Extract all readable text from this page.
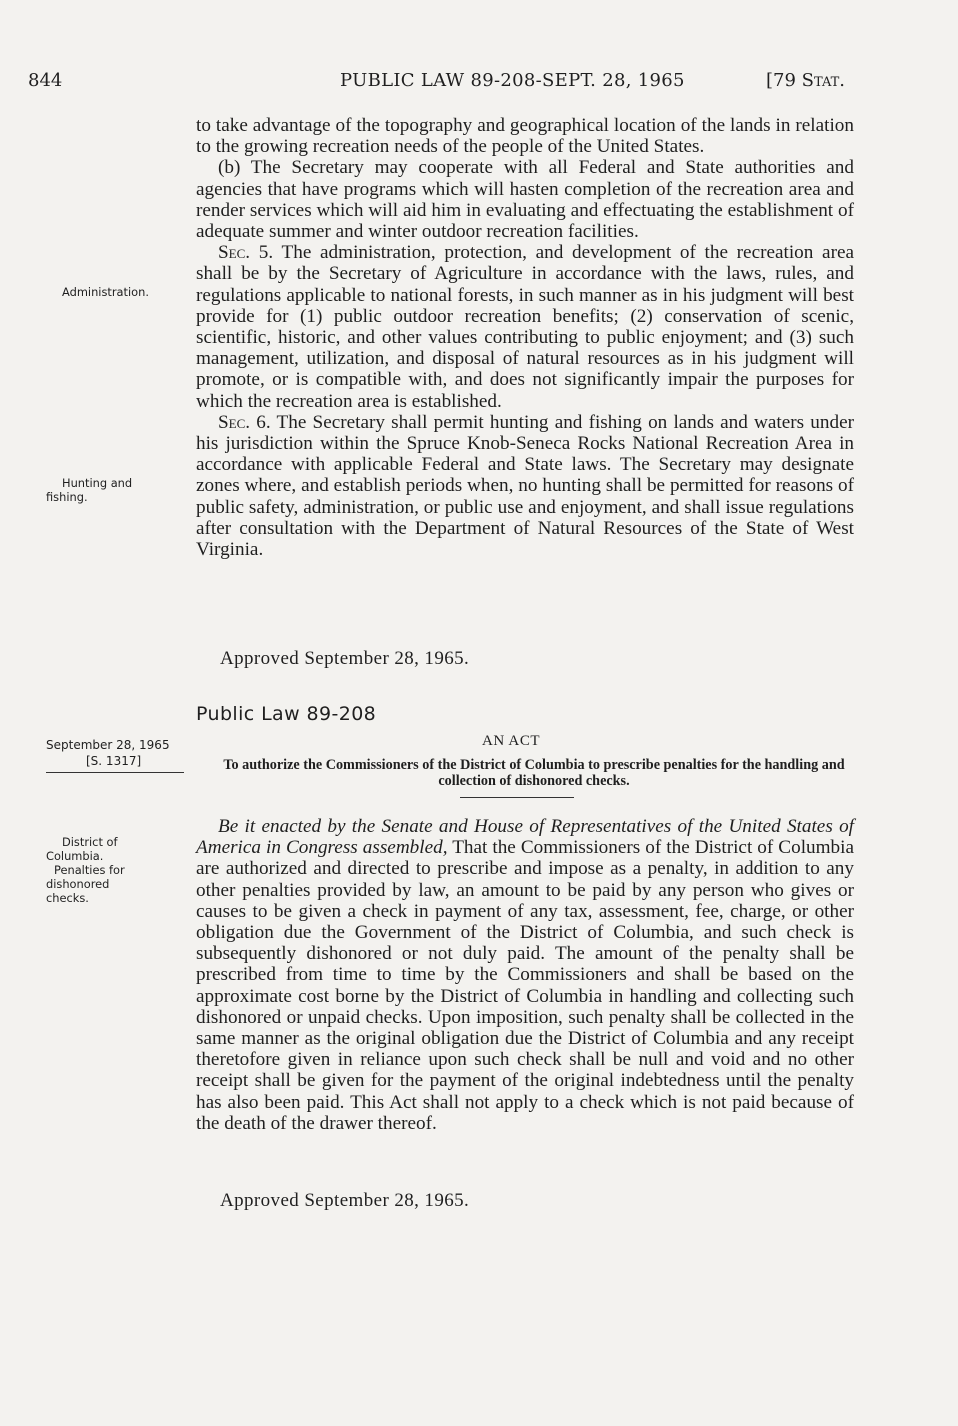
844	PUBLIC LAW 89-208-SEPT. 28, 1965	[79 Stat.
Administration.
Hunting and
fishing.

to take advantage of the topography and geographical location of the lands in relation to the growing recreation needs of the people of the United States.

(b) The Secretary may cooperate with all Federal and State authorities and agencies that have programs which will hasten completion of the recreation area and render services which will aid him in evaluating and effectuating the establishment of adequate summer and winter outdoor recreation facilities.

Sec. 5. The administration, protection, and development of the recreation area shall be by the Secretary of Agriculture in accordance with the laws, rules, and regulations applicable to national forests, in such manner as in his judgment will best provide for (1) public outdoor recreation benefits; (2) conservation of scenic, scientific, historic, and other values contributing to public enjoyment; and (3) such management, utilization, and disposal of natural resources as in his judgment will promote, or is compatible with, and does not significantly impair the purposes for which the recreation area is established.

Sec. 6. The Secretary shall permit hunting and fishing on lands and waters under his jurisdiction within the Spruce Knob-Seneca Rocks National Recreation Area in accordance with applicable Federal and State laws. The Secretary may designate zones where, and establish periods when, no hunting shall be permitted for reasons of public safety, administration, or public use and enjoyment, and shall issue regulations after consultation with the Department of Natural Resources of the State of West Virginia.

Approved September 28, 1965.
Public Law 89-208
September 28, 1965
[S. 1317]
AN ACT
To authorize the Commissioners of the District of Columbia to prescribe penalties for the handling and collection of dishonored checks.
District of
Columbia.
Penalties for
dishonored
checks.

Be it enacted by the Senate and House of Representatives of the United States of America in Congress assembled, That the Commissioners of the District of Columbia are authorized and directed to prescribe and impose as a penalty, in addition to any other penalties provided by law, an amount to be paid by any person who gives or causes to be given a check in payment of any tax, assessment, fee, charge, or other obligation due the Government of the District of Columbia, and such check is subsequently dishonored or not duly paid. The amount of the penalty shall be prescribed from time to time by the Commissioners and shall be based on the approximate cost borne by the District of Columbia in handling and collecting such dishonored or unpaid checks. Upon imposition, such penalty shall be collected in the same manner as the original obligation due the District of Columbia and any receipt theretofore given in reliance upon such check shall be null and void and no other receipt shall be given for the payment of the original indebtedness until the penalty has also been paid. This Act shall not apply to a check which is not paid because of the death of the drawer thereof.

Approved September 28, 1965.
